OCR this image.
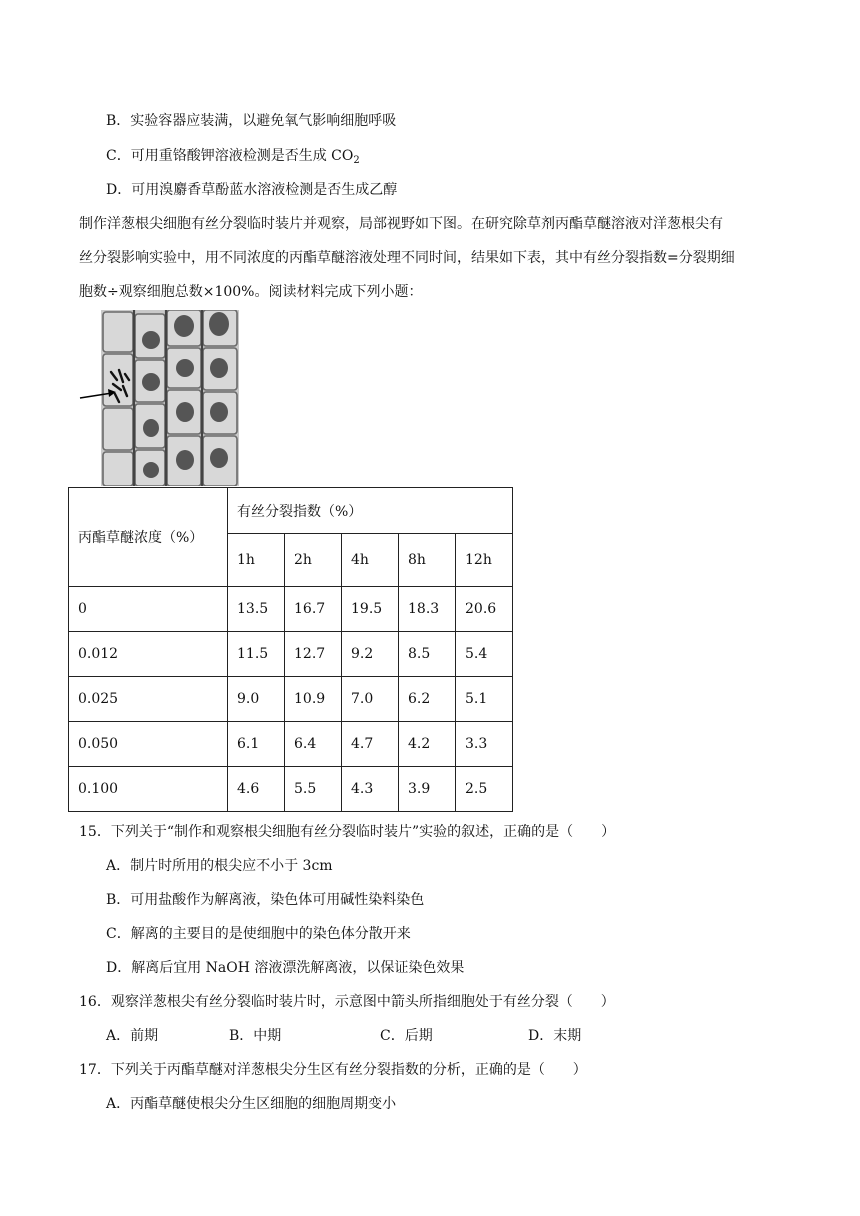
B．实验容器应装满，以避免氧气影响细胞呼吸
C．可用重铬酸钾溶液检测是否生成 $CO_2$
D．可用溴麝香草酚蓝水溶液检测是否生成乙醇
制作洋葱根尖细胞有丝分裂临时装片并观察，局部视野如下图。在研究除草剂丙酯草醚溶液对洋葱根尖有
丝分裂影响实验中，用不同浓度的丙酯草醚溶液处理不同时间，结果如下表，其中有丝分裂指数=分裂期细
胞数÷观察细胞总数×100%。阅读材料完成下列小题：
丙酯草醚浓度（%）	有丝分裂指数（%）				
	1h	2h	4h	8h	12h
0	13.5	16.7	19.5	18.3	20.6
0.012	11.5	12.7	9.2	8.5	5.4
0.025	9.0	10.9	7.0	6.2	5.1
0.050	6.1	6.4	4.7	4.2	3.3
0.100	4.6	5.5	4.3	3.9	2.5
15．下列关于“制作和观察根尖细胞有丝分裂临时装片”实验的叙述，正确的是（　　）
A．制片时所用的根尖应不小于 3cm
B．可用盐酸作为解离液，染色体可用碱性染料染色
C．解离的主要目的是使细胞中的染色体分散开来
D．解离后宜用 NaOH 溶液漂洗解离液，以保证染色效果
16．观察洋葱根尖有丝分裂临时装片时，示意图中箭头所指细胞处于有丝分裂（　　）
A．前期	B．中期	C．后期	D．末期
17．下列关于丙酯草醚对洋葱根尖分生区有丝分裂指数的分析，正确的是（　　）
A．丙酯草醚使根尖分生区细胞的细胞周期变小
